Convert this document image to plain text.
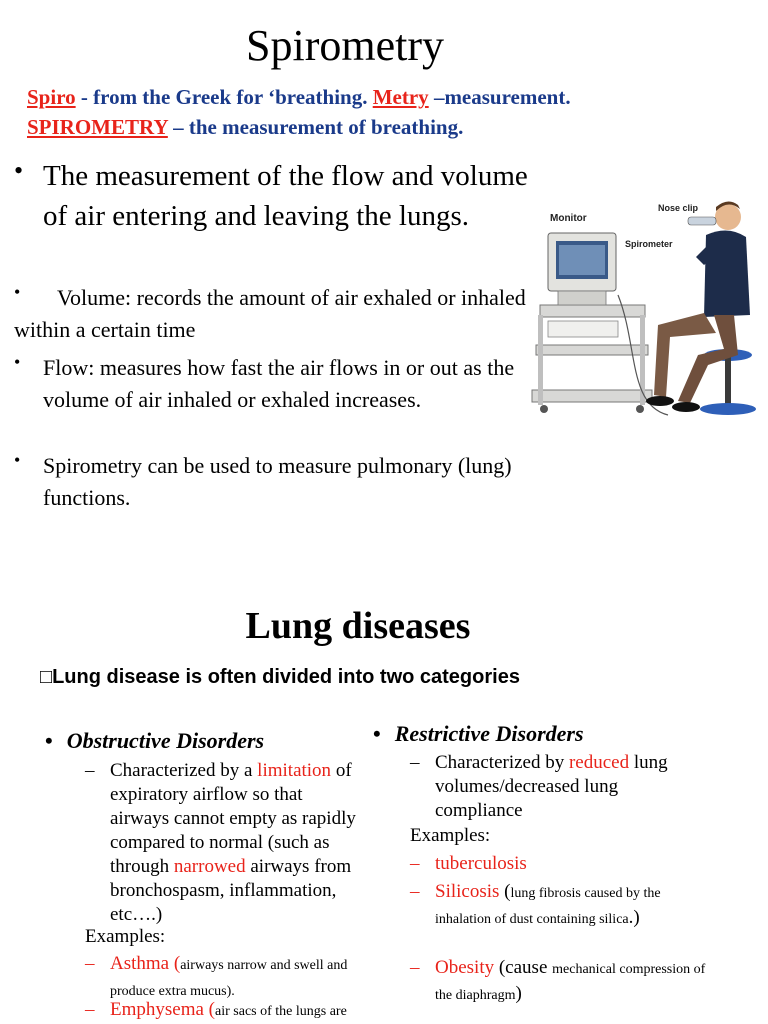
Spirometry
Spiro - from the Greek for ‘breathing. Metry –measurement.
SPIROMETRY – the measurement of breathing.
• The measurement of the flow and volume of air entering and leaving the lungs.
•	Volume: records the amount of air exhaled or inhaled within a certain time
• Flow: measures how fast the air flows in or out as the volume of air inhaled or exhaled increases.
• Spirometry can be used to measure pulmonary (lung) functions.
Monitor
Nose clip
Spirometer
Lung diseases
□Lung disease is often divided into two categories
• Obstructive Disorders
– Characterized by a limitation of expiratory airflow so that airways cannot empty as rapidly compared to normal (such as through narrowed airways from bronchospasm, inflammation, etc….)
Examples:
– Asthma (airways narrow and swell and produce extra mucus).
– Emphysema (air sacs of the lungs are
• Restrictive Disorders
– Characterized by reduced lung volumes/decreased lung compliance
Examples:
– tuberculosis
– Silicosis (lung fibrosis caused by the inhalation of dust containing silica.)
– Obesity (cause mechanical compression of the diaphragm)
